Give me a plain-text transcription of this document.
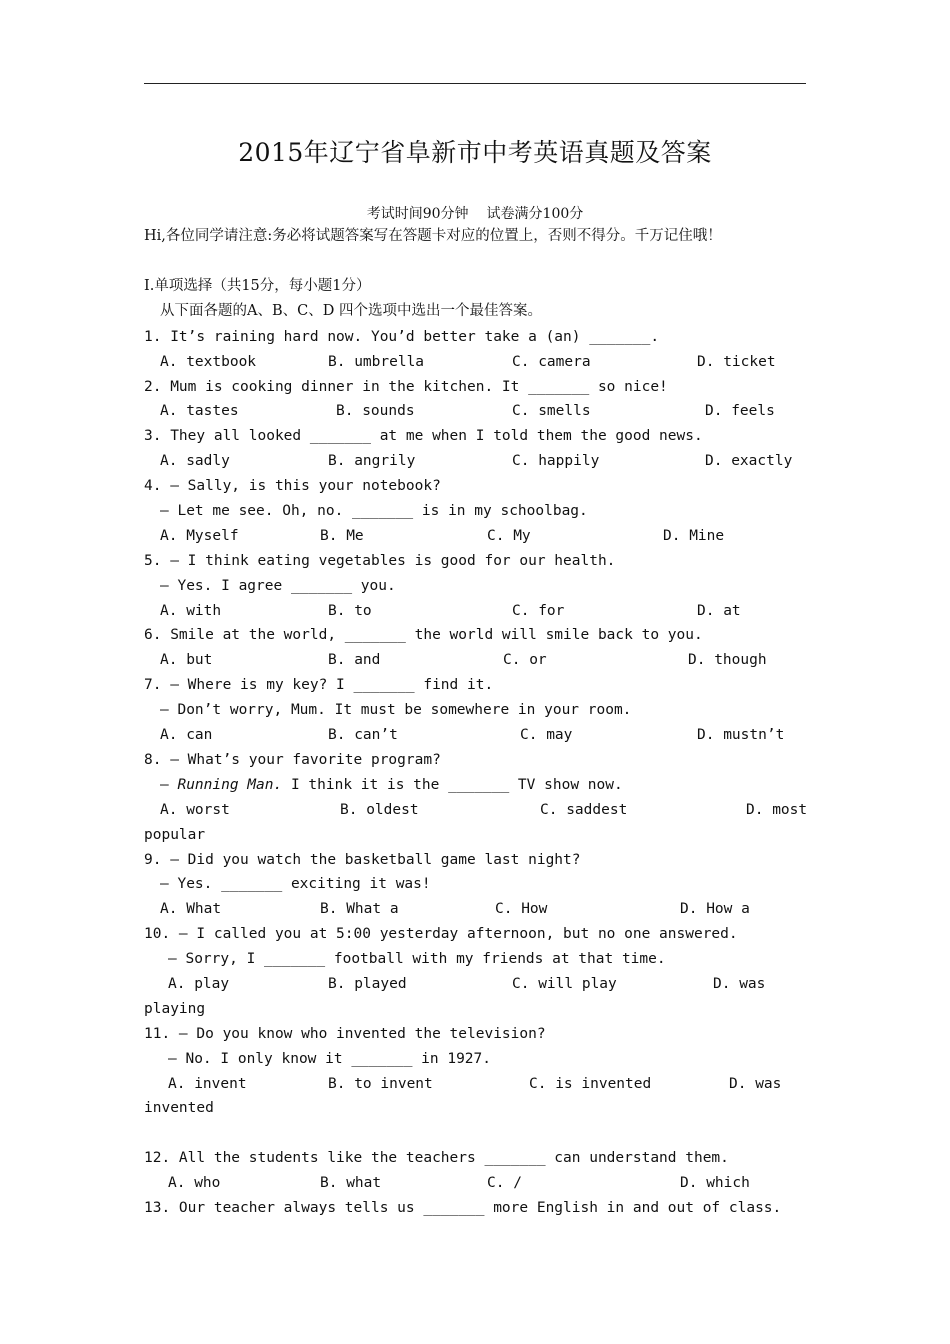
2015年辽宁省阜新市中考英语真题及答案
考试时间90分钟 试卷满分100分
Hi,各位同学请注意:务必将试题答案写在答题卡对应的位置上，否则不得分。千万记住哦！
Ⅰ.单项选择（共15分，每小题1分）
从下面各题的A、B、C、D 四个选项中选出一个最佳答案。
1. It’s raining hard now. You’d better take a (an) _______.
A. textbook	B. umbrella	C. camera	D. ticket
2. Mum is cooking dinner in the kitchen. It _______ so nice!
A. tastes	B. sounds	C. smells	D. feels
3. They all looked _______ at me when I told them the good news.
A. sadly	B. angrily	C. happily	D. exactly
4. — Sally, is this your notebook?
— Let me see. Oh, no. _______ is in my schoolbag.
A. Myself	B. Me	C. My	D. Mine
5. — I think eating vegetables is good for our health.
— Yes. I agree _______ you.
A. with	B. to	C. for	D. at
6. Smile at the world, _______ the world will smile back to you.
A. but	B. and	C. or	D. though
7. — Where is my key? I _______ find it.
— Don’t worry, Mum. It must be somewhere in your room.
A. can	B. can’t	C. may	D. mustn’t
8. — What’s your favorite program?
— Running Man. I think it is the _______ TV show now.
A. worst	B. oldest	C. saddest	D. most
popular
9. — Did you watch the basketball game last night?
— Yes. _______ exciting it was!
A. What	B. What a	C. How	D. How a
10. — I called you at 5:00 yesterday afternoon, but no one answered.
— Sorry, I _______ football with my friends at that time.
A. play	B. played	C. will play	D. was
playing
11. — Do you know who invented the television?
— No. I only know it _______ in 1927.
A. invent	B. to invent	C. is invented	D. was
invented
12. All the students like the teachers _______ can understand them.
A. who	B. what	C. /	D. which
13. Our teacher always tells us _______ more English in and out of class.
